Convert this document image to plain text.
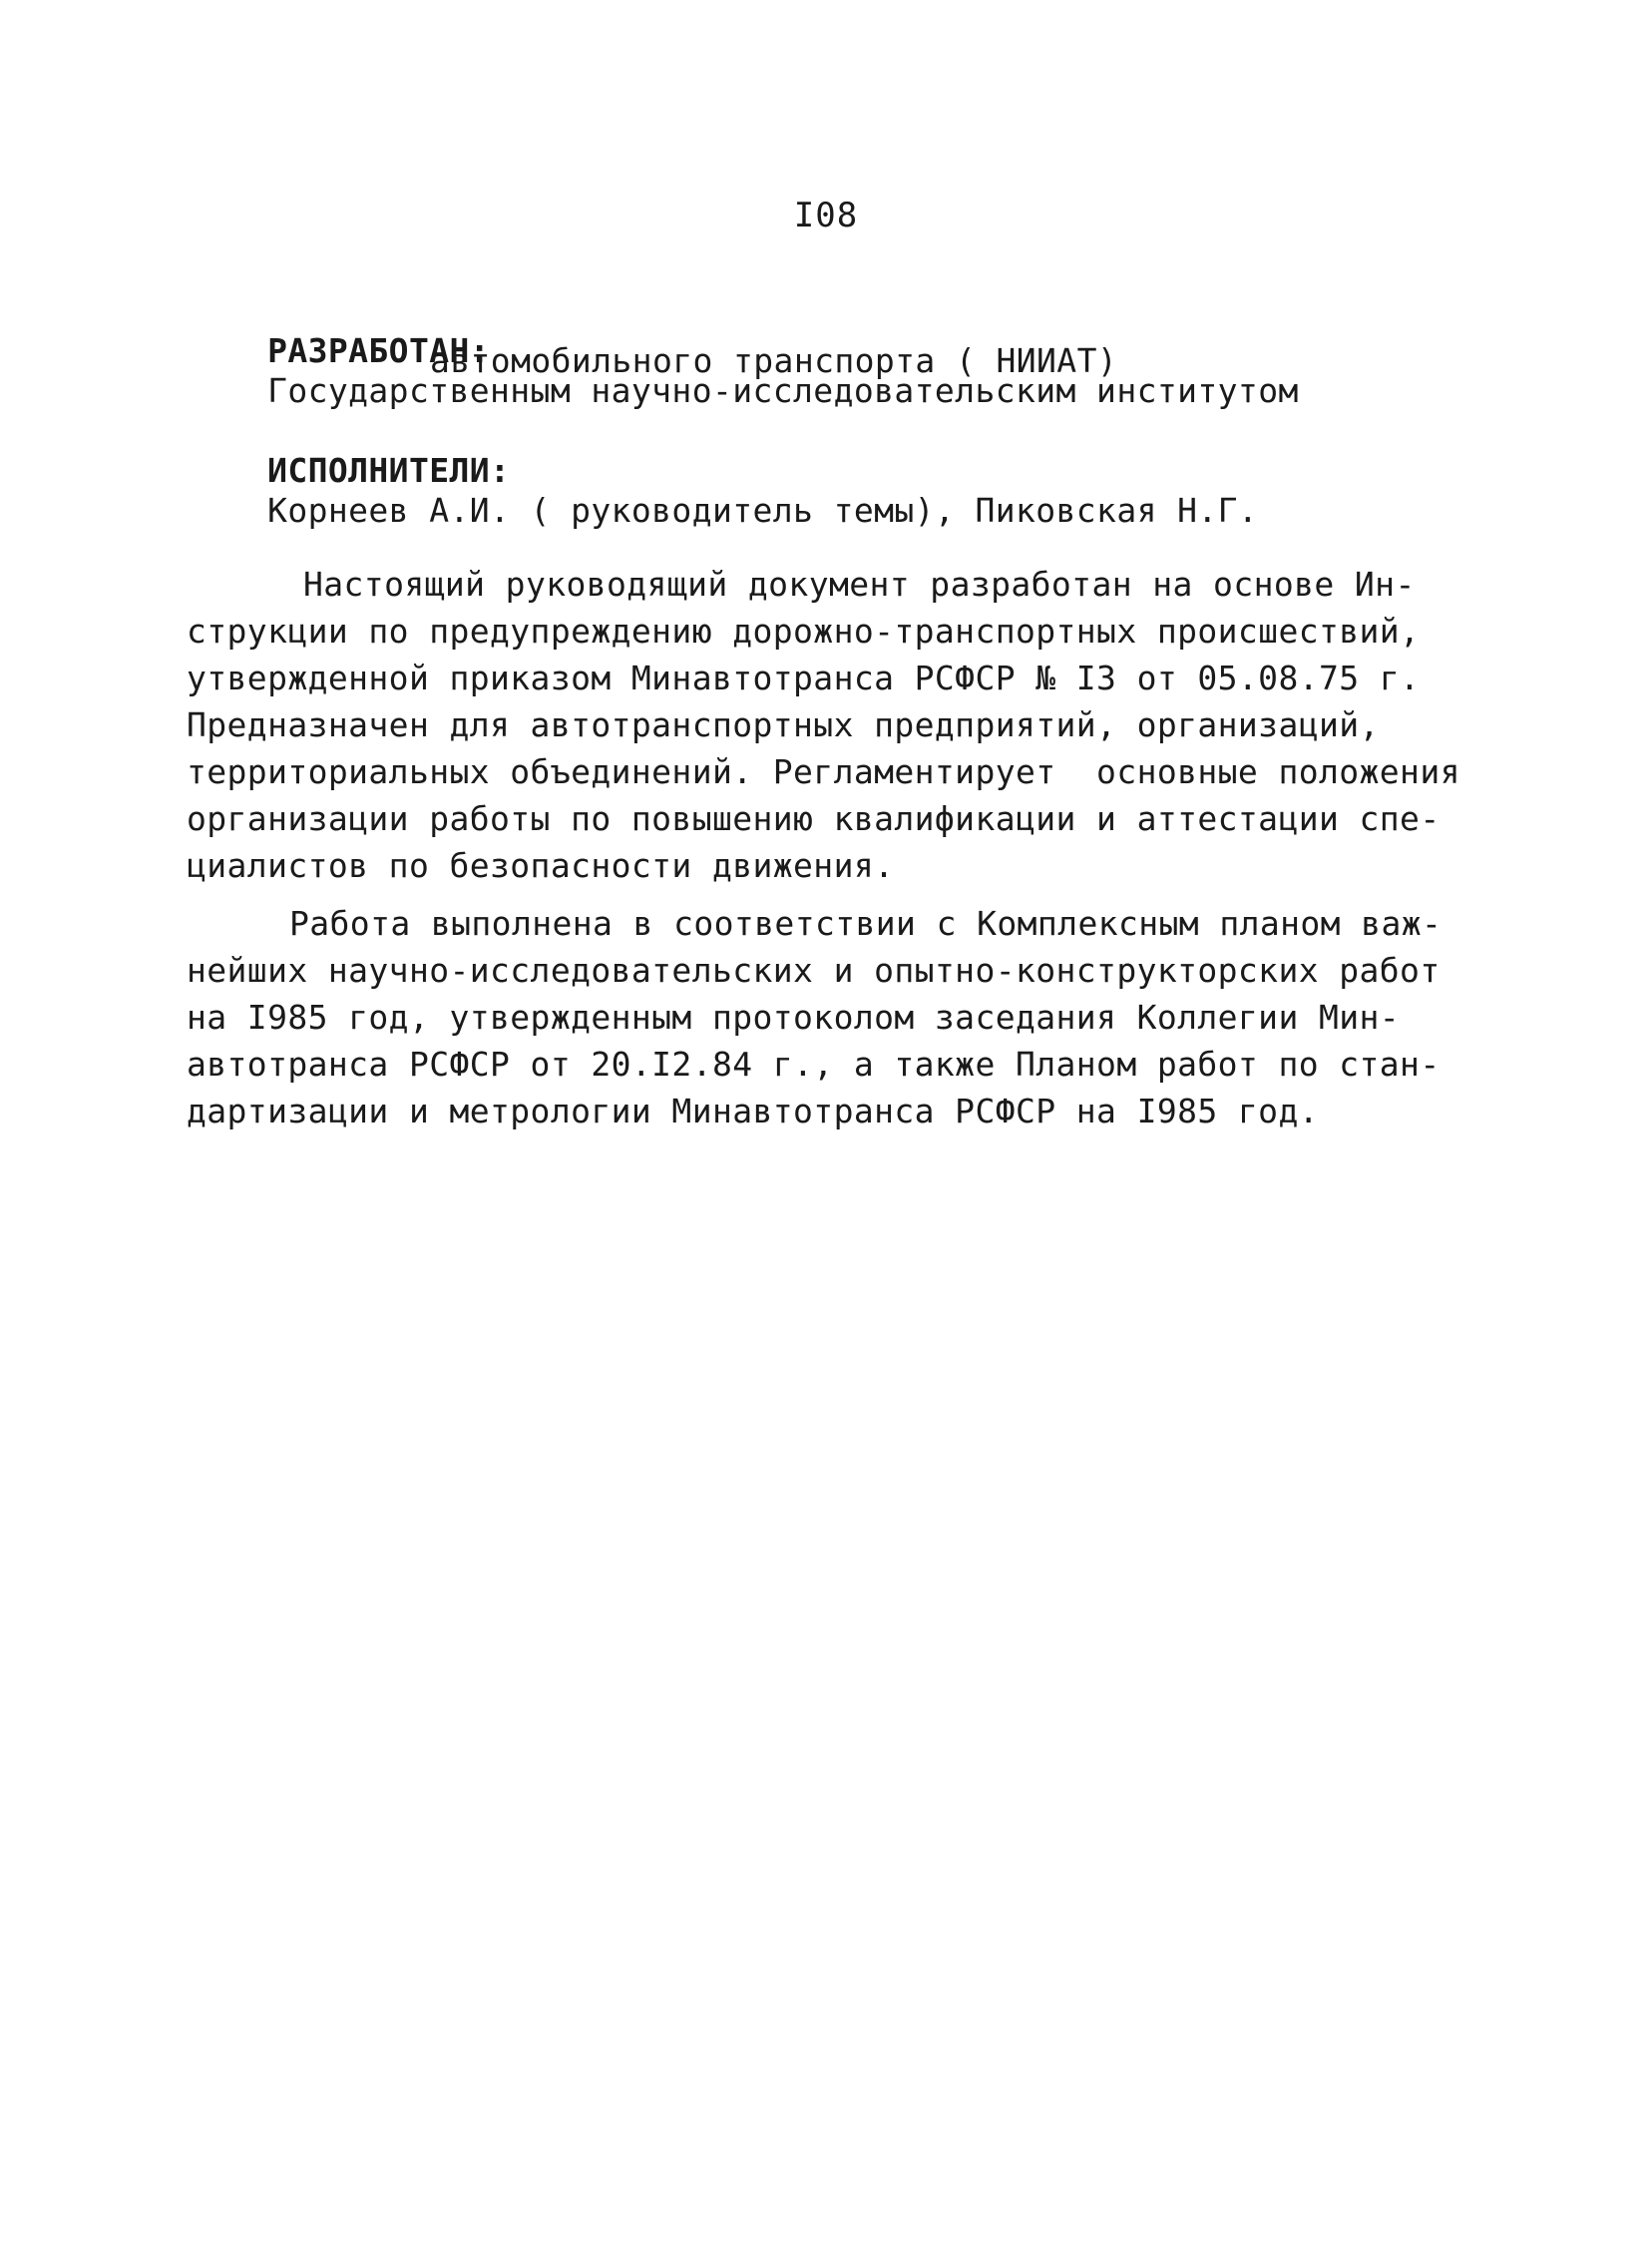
I08

РАЗРАБОТАН:
Государственным научно-исследовательским институтом

автомобильного транспорта ( НИИАТ)

ИСПОЛНИТЕЛИ:
Корнеев А.И. ( руководитель темы), Пиковская Н.Г.

Настоящий руководящий документ разработан на основе Ин-
струкции по предупреждению дорожно-транспортных происшествий,
утвержденной приказом Минавтотранса РСФСР № I3 от 05.08.75 г.
Предназначен для автотранспортных предприятий, организаций,
территориальных объединений. Регламентирует  основные положения
организации работы по повышению квалификации и аттестации спе-
циалистов по безопасности движения.
Работа выполнена в соответствии с Комплексным планом важ-
нейших научно-исследовательских и опытно-конструкторских работ
на I985 год, утвержденным протоколом заседания Коллегии Мин-
автотранса РСФСР от 20.I2.84 г., а также Планом работ по стан-
дартизации и метрологии Минавтотранса РСФСР на I985 год.
